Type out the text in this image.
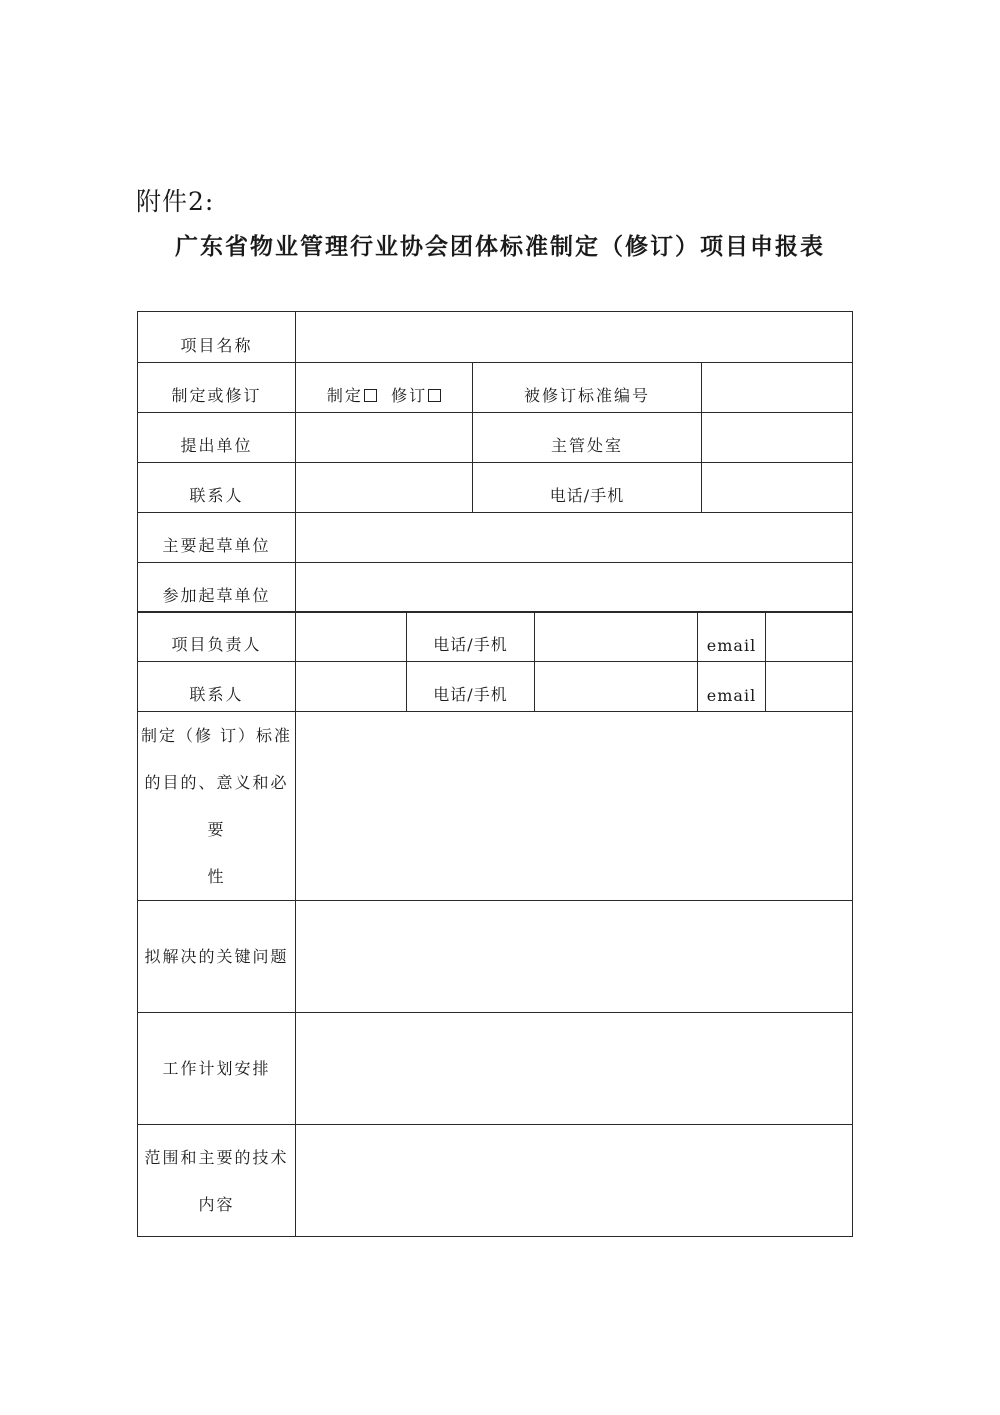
附件2:
广东省物业管理行业协会团体标准制定（修订）项目申报表
项目名称			
制定或修订	制定 修订	被修订标准编号	
提出单位		主管处室	
联系人		电话/手机	
主要起草单位			
参加起草单位			
项目负责人		电话/手机		email	
联系人		电话/手机		email	
制定（修 订）标准
的目的、意义和必要
性	

拟解决的关键问题	
工作计划安排	

范围和主要的技术
内容	
